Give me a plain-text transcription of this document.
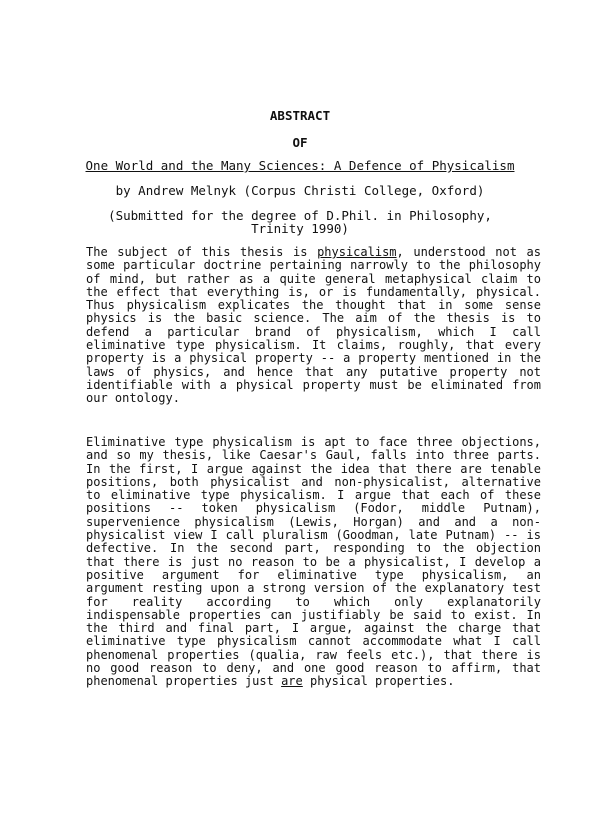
ABSTRACT
OF
One World and the Many Sciences: A Defence of Physicalism
by Andrew Melnyk (Corpus Christi College, Oxford)
(Submitted for the degree of D.Phil. in Philosophy,
Trinity 1990)

The subject of this thesis is physicalism, understood not as some particular doctrine pertaining narrowly to the philosophy of mind, but rather as a quite general metaphysical claim to the effect that everything is, or is fundamentally, physical. Thus physicalism explicates the thought that in some sense physics is the basic science. The aim of the thesis is to defend a particular brand of physicalism, which I call eliminative type physicalism. It claims, roughly, that every property is a physical property -- a property mentioned in the laws of physics, and hence that any putative property not identifiable with a physical property must be eliminated from our ontology.

Eliminative type physicalism is apt to face three objections, and so my thesis, like Caesar's Gaul, falls into three parts. In the first, I argue against the idea that there are tenable positions, both physicalist and non-physicalist, alternative to eliminative type physicalism. I argue that each of these positions -- token physicalism (Fodor, middle Putnam), supervenience physicalism (Lewis, Horgan) and and a non-physicalist view I call pluralism (Goodman, late Putnam) -- is defective. In the second part, responding to the objection that there is just no reason to be a physicalist, I develop a positive argument for eliminative type physicalism, an argument resting upon a strong version of the explanatory test for reality according to which only explanatorily indispensable properties can justifiably be said to exist. In the third and final part, I argue, against the charge that eliminative type physicalism cannot accommodate what I call phenomenal properties (qualia, raw feels etc.), that there is no good reason to deny, and one good reason to affirm, that phenomenal properties just are physical properties.
